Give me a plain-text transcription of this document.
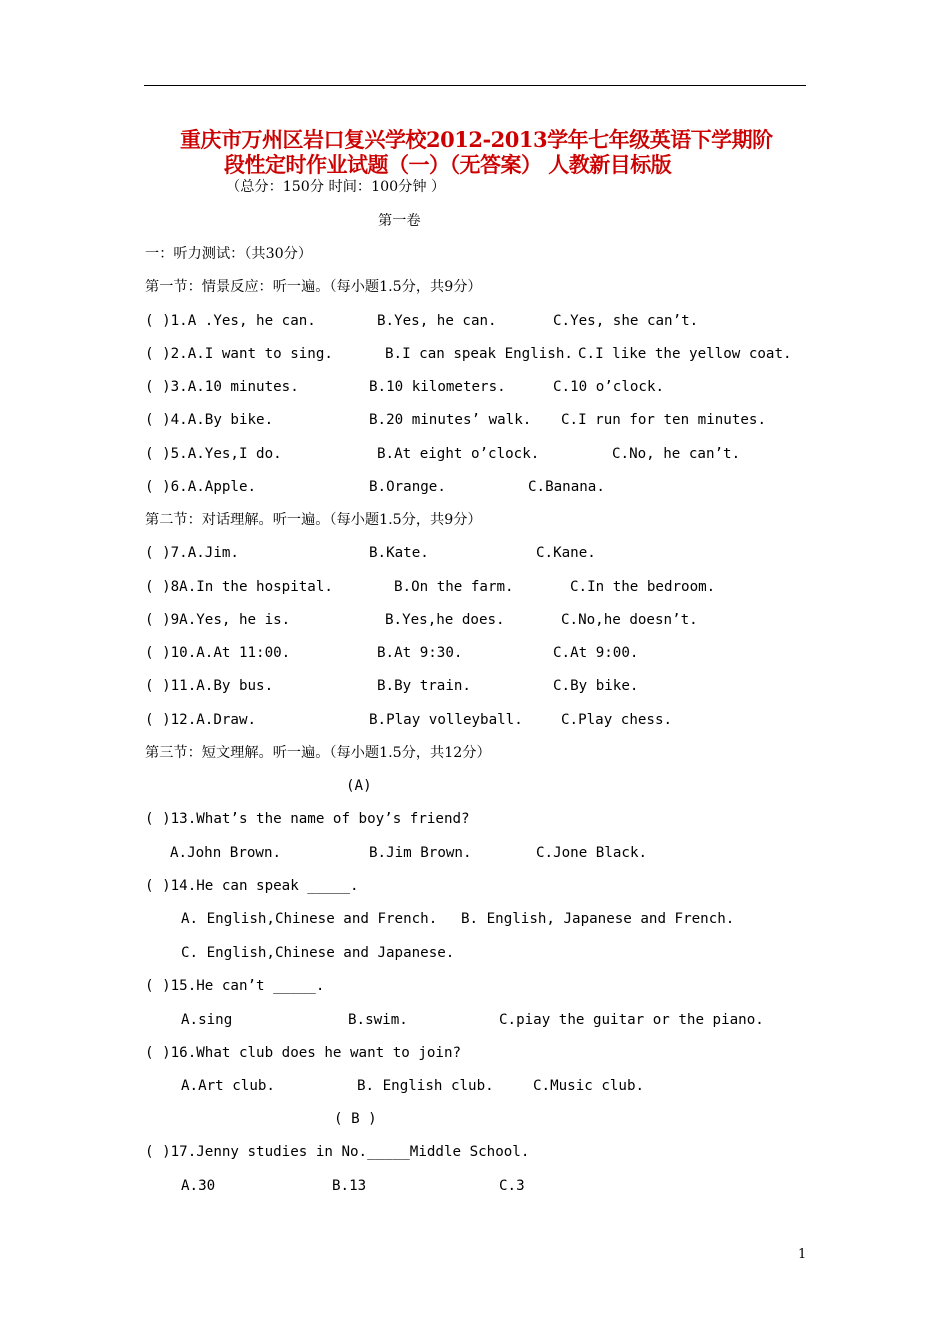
重庆市万州区岩口复兴学校2012-2013学年七年级英语下学期阶
段性定时作业试题（一）（无答案） 人教新目标版
（总分：150分 时间：100分钟 ）
第一卷
一：听力测试：（共30分）
第一节：情景反应：听一遍。（每小题1.5分，共9分）
( )1.A .Yes, he can.	B.Yes, he can.	C.Yes, she can’t.
( )2.A.I want to sing.	B.I can speak English. C.I like the yellow coat.
( )3.A.10 minutes.	B.10 kilometers.	C.10 o’clock.
( )4.A.By bike.	B.20 minutes’ walk. C.I run for ten minutes.
( )5.A.Yes,I do.	B.At eight o’clock.	C.No, he can’t.
( )6.A.Apple.	B.Orange.	C.Banana.
第二节：对话理解。听一遍。（每小题1.5分，共9分）
( )7.A.Jim.	B.Kate.	C.Kane.
( )8A.In the hospital.	B.On the farm.	C.In the bedroom.
( )9A.Yes, he is.	B.Yes,he does.	C.No,he doesn’t.
( )10.A.At 11:00.	B.At 9:30.	C.At 9:00.
( )11.A.By bus.	B.By train.	C.By bike.
( )12.A.Draw.	B.Play volleyball.	C.Play chess.
第三节：短文理解。听一遍。（每小题1.5分，共12分）
(A)
( )13.What’s the name of boy’s friend?
A.John Brown.	B.Jim Brown.	C.Jone Black.
( )14.He can speak _____.
A. English,Chinese and French. B. English, Japanese and French.
C. English,Chinese and Japanese.
( )15.He can’t _____.
A.sing	B.swim.	C.piay the guitar or the piano.
( )16.What club does he want to join?
A.Art club.	B. English club.	C.Music club.
( B )
( )17.Jenny studies in No._____Middle School.
A.30	B.13	C.3
1
